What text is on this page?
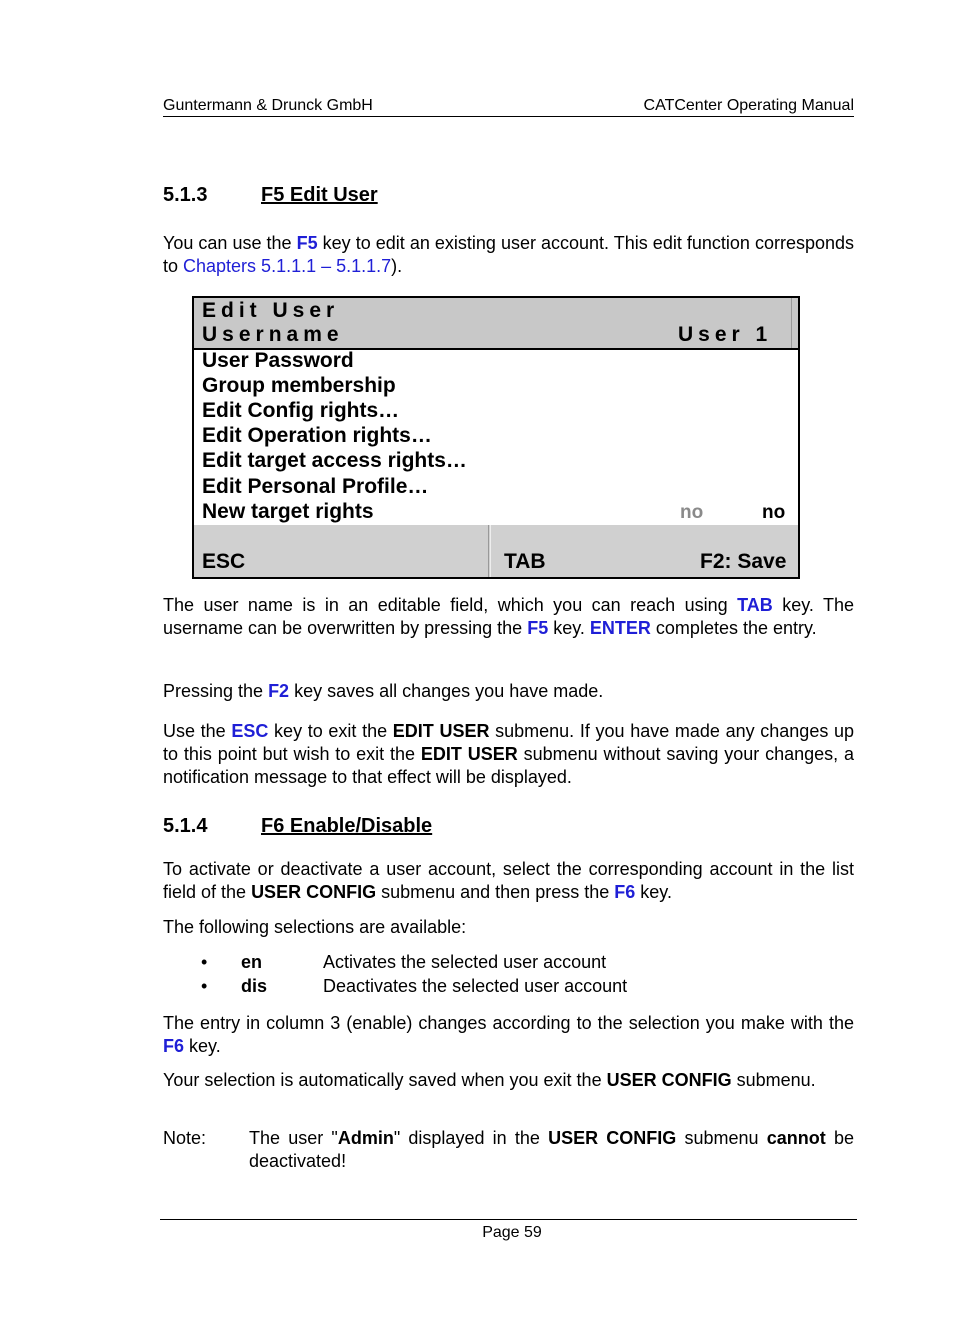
Guntermann & Drunck GmbH	CATCenter Operating Manual
5.1.3	F5 Edit User
You can use the F5 key to edit an existing user account. This edit function corresponds to Chapters 5.1.1.1 – 5.1.1.7).
Edit User
Username	User 1
User Password
Group membership
Edit Config rights…
Edit Operation rights…
Edit target access rights…
Edit Personal Profile…
New target rights	no	no
ESC	TAB	F2: Save
The user name is in an editable field, which you can reach using TAB key. The username can be overwritten by pressing the F5 key. ENTER completes the entry.
Pressing the F2 key saves all changes you have made.
Use the ESC key to exit the EDIT USER submenu. If you have made any changes up to this point but wish to exit the EDIT USER submenu without saving your changes, a notification message to that effect will be displayed.
5.1.4	F6 Enable/Disable
To activate or deactivate a user account, select the corresponding account in the list field of the USER CONFIG submenu and then press the F6 key.
The following selections are available:
• en	Activates the selected user account
• dis	Deactivates the selected user account
The entry in column 3 (enable) changes according to the selection you make with the F6 key.
Your selection is automatically saved when you exit the USER CONFIG submenu.
Note: The user "Admin" displayed in the USER CONFIG submenu cannot be deactivated!
Page 59
